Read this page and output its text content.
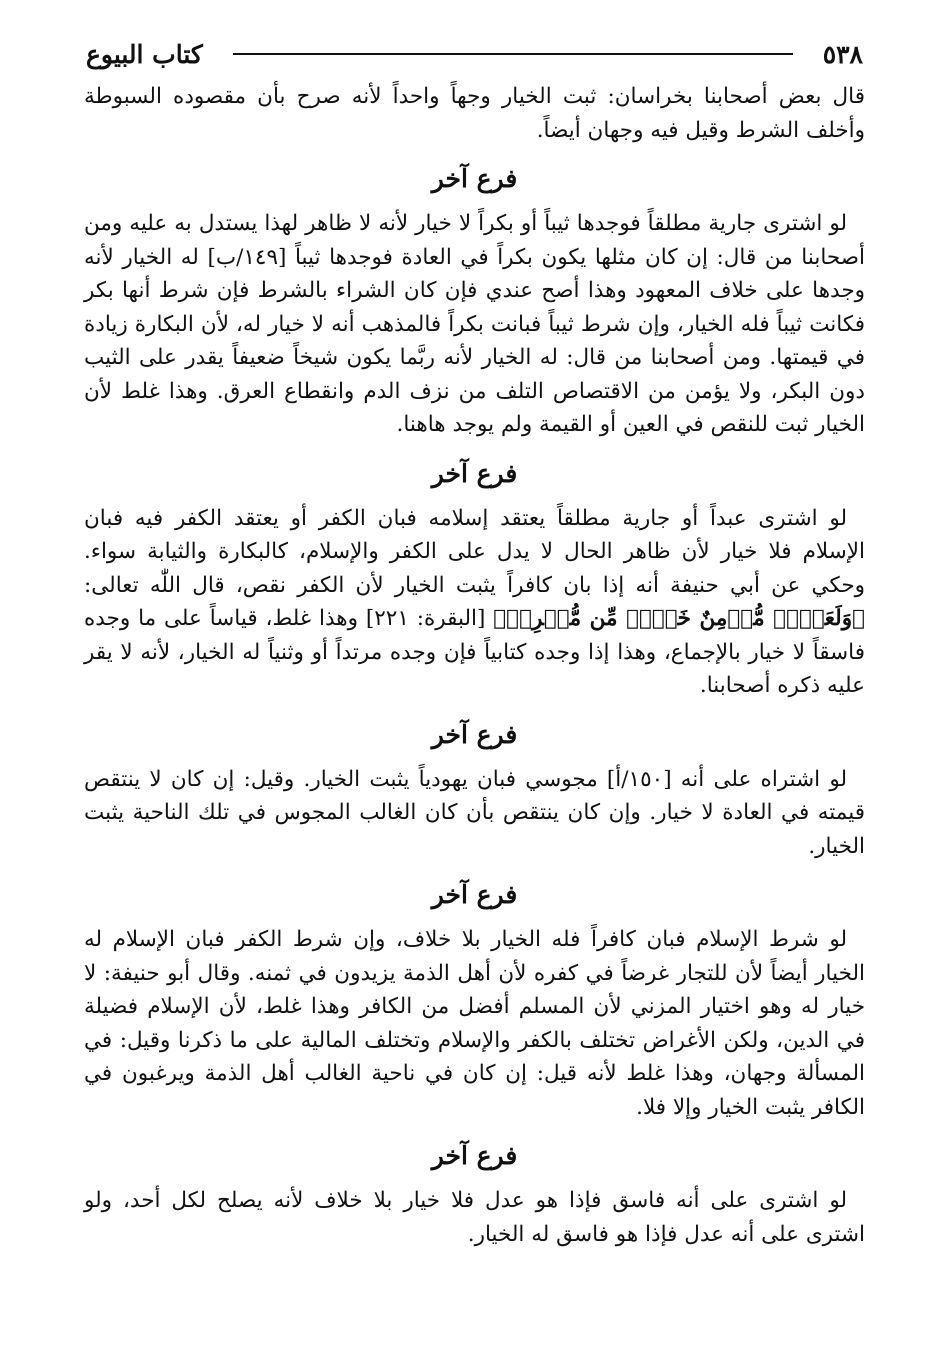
٥٣٨
كتاب البيوع

قال بعض أصحابنا بخراسان: ثبت الخيار وجهاً واحداً لأنه صرح بأن مقصوده السبوطة وأخلف الشرط وقيل فيه وجهان أيضاً.

فرع آخر

لو اشترى جارية مطلقاً فوجدها ثيباً أو بكراً لا خيار لأنه لا ظاهر لهذا يستدل به عليه ومن أصحابنا من قال: إن كان مثلها يكون بكراً في العادة فوجدها ثيباً [١٤٩/ب] له الخيار لأنه وجدها على خلاف المعهود وهذا أصح عندي فإن كان الشراء بالشرط فإن شرط أنها بكر فكانت ثيباً فله الخيار، وإن شرط ثيباً فبانت بكراً فالمذهب أنه لا خيار له، لأن البكارة زيادة في قيمتها. ومن أصحابنا من قال: له الخيار لأنه ربَّما يكون شيخاً ضعيفاً يقدر على الثيب دون البكر، ولا يؤمن من الاقتصاص التلف من نزف الدم وانقطاع العرق. وهذا غلط لأن الخيار ثبت للنقص في العين أو القيمة ولم يوجد هاهنا.

فرع آخر

لو اشترى عبداً أو جارية مطلقاً يعتقد إسلامه فبان الكفر أو يعتقد الكفر فيه فبان الإسلام فلا خيار لأن ظاهر الحال لا يدل على الكفر والإسلام، كالبكارة والثيابة سواء. وحكي عن أبي حنيفة أنه إذا بان كافراً يثبت الخيار لأن الكفر نقص، قال اللّٰه تعالى: ﴿وَلَعَبۡدٞ مُّؤۡمِنٌ خَيۡرٞ مِّن مُّشۡرِكٖ﴾ [البقرة: ٢٢١] وهذا غلط، قياساً على ما وجده فاسقاً لا خيار بالإجماع، وهذا إذا وجده كتابياً فإن وجده مرتداً أو وثنياً له الخيار، لأنه لا يقر عليه ذكره أصحابنا.

فرع آخر

لو اشتراه على أنه [١٥٠/أ] مجوسي فبان يهودياً يثبت الخيار. وقيل: إن كان لا ينتقص قيمته في العادة لا خيار. وإن كان ينتقص بأن كان الغالب المجوس في تلك الناحية يثبت الخيار.

فرع آخر

لو شرط الإسلام فبان كافراً فله الخيار بلا خلاف، وإن شرط الكفر فبان الإسلام له الخيار أيضاً لأن للتجار غرضاً في كفره لأن أهل الذمة يزيدون في ثمنه. وقال أبو حنيفة: لا خيار له وهو اختيار المزني لأن المسلم أفضل من الكافر وهذا غلط، لأن الإسلام فضيلة في الدين، ولكن الأغراض تختلف بالكفر والإسلام وتختلف المالية على ما ذكرنا وقيل: في المسألة وجهان، وهذا غلط لأنه قيل: إن كان في ناحية الغالب أهل الذمة ويرغبون في الكافر يثبت الخيار وإلا فلا.

فرع آخر

لو اشترى على أنه فاسق فإذا هو عدل فلا خيار بلا خلاف لأنه يصلح لكل أحد، ولو اشترى على أنه عدل فإذا هو فاسق له الخيار.
